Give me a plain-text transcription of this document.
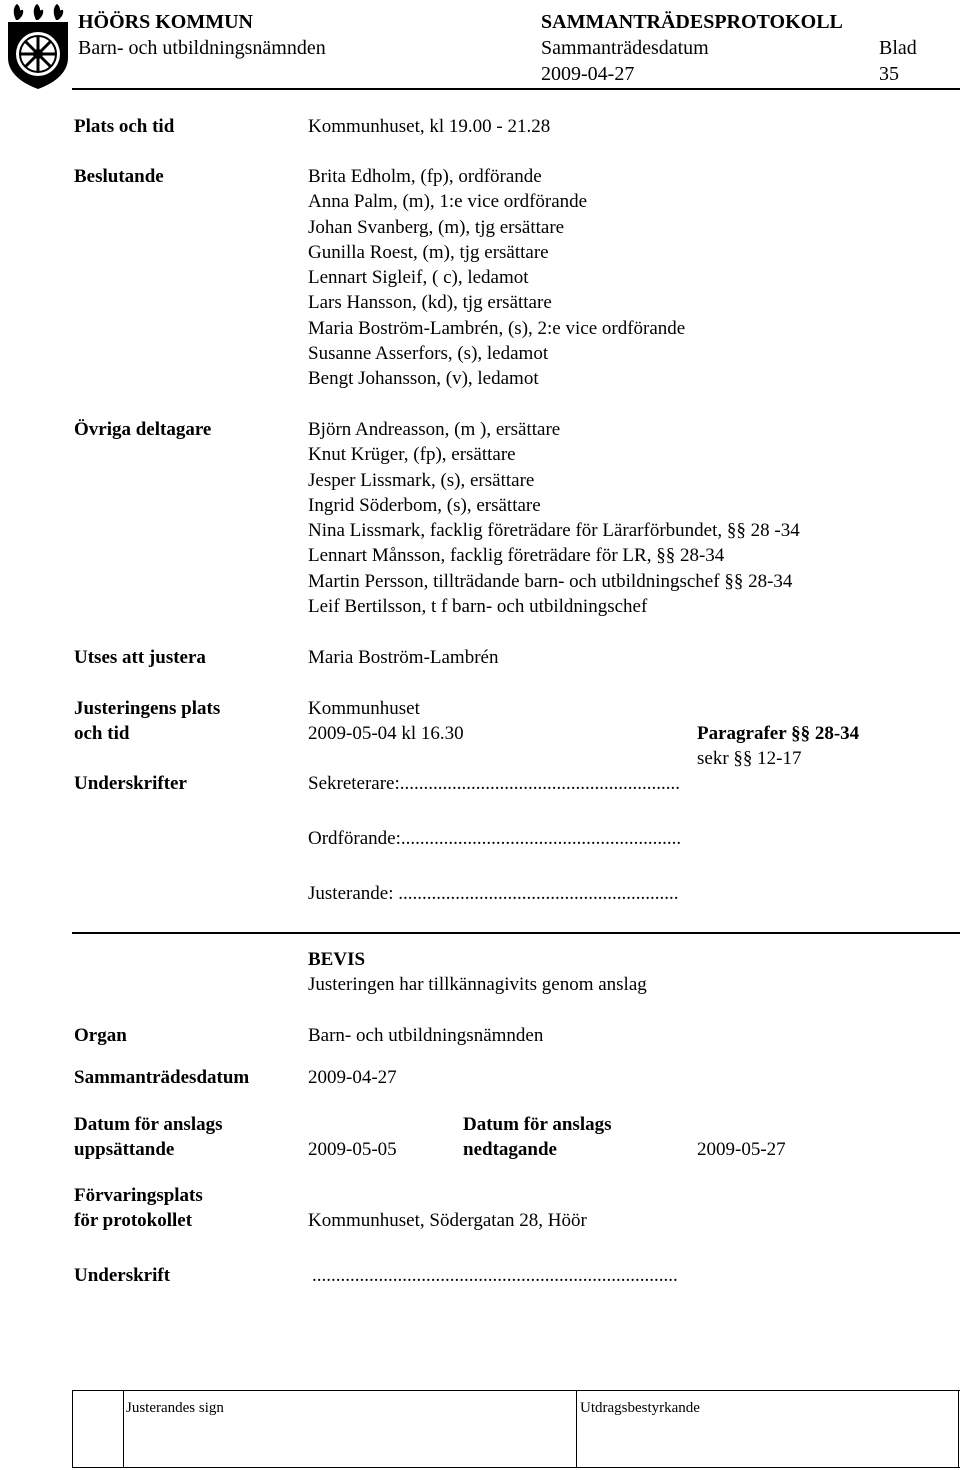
HÖÖRS KOMMUN
Barn- och utbildningsnämnden
SAMMANTRÄDESPROTOKOLL
Sammanträdesdatum
2009-04-27
Blad
35
Plats och tid	Kommunhuset, kl 19.00 - 21.28
Beslutande	Brita Edholm, (fp), ordförande
Anna Palm, (m), 1:e vice ordförande
Johan Svanberg, (m), tjg ersättare
Gunilla Roest, (m), tjg ersättare
Lennart Sigleif, ( c), ledamot
Lars Hansson, (kd), tjg ersättare
Maria Boström-Lambrén, (s), 2:e vice ordförande
Susanne Asserfors, (s), ledamot
Bengt Johansson, (v), ledamot
Övriga deltagare	Björn Andreasson, (m ), ersättare
Knut Krüger, (fp), ersättare
Jesper Lissmark, (s), ersättare
Ingrid Söderbom, (s), ersättare
Nina Lissmark, facklig företrädare för Lärarförbundet, §§ 28 -34
Lennart Månsson, facklig företrädare för LR, §§ 28-34
Martin Persson, tillträdande barn- och utbildningschef §§ 28-34
Leif Bertilsson, t f barn- och utbildningschef
Utses att justera	Maria Boström-Lambrén
Justeringens plats
och tid
Kommunhuset
2009-05-04 kl 16.30	Paragrafer §§ 28-34
sekr §§ 12-17
Underskrifter	Sekreterare:...........................................................
Ordförande:...........................................................
Justerande: ...........................................................
BEVIS
Justeringen har tillkännagivits genom anslag
Organ	Barn- och utbildningsnämnden
Sammanträdesdatum	2009-04-27
Datum för anslags
uppsättande	2009-05-05
Datum för anslags
nedtagande	2009-05-27
Förvaringsplats
för protokollet	Kommunhuset, Södergatan 28, Höör
Underskrift	.............................................................................
Justerandes sign	Utdragsbestyrkande
